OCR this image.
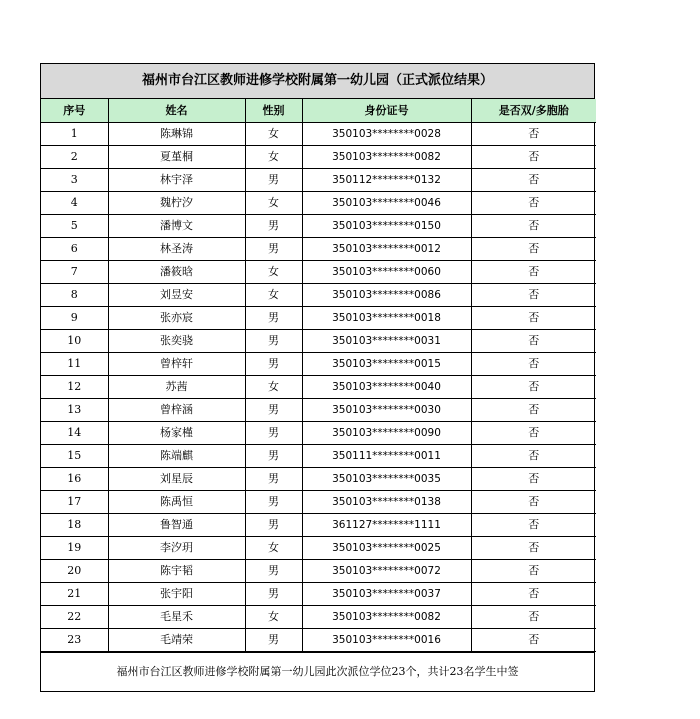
福州市台江区教师进修学校附属第一幼儿园（正式派位结果）
序号	姓名	性别	身份证号	是否双/多胞胎
1	陈琳锦	女	350103********0028	否
2	夏堇桐	女	350103********0082	否
3	林宇泽	男	350112********0132	否
4	魏柠汐	女	350103********0046	否
5	潘博文	男	350103********0150	否
6	林圣涛	男	350103********0012	否
7	潘筱晗	女	350103********0060	否
8	刘昱安	女	350103********0086	否
9	张亦宸	男	350103********0018	否
10	张奕骁	男	350103********0031	否
11	曾梓轩	男	350103********0015	否
12	苏茜	女	350103********0040	否
13	曾梓涵	男	350103********0030	否
14	杨家槿	男	350103********0090	否
15	陈端麒	男	350111********0011	否
16	刘星辰	男	350103********0035	否
17	陈禹恒	男	350103********0138	否
18	鲁智通	男	361127********1111	否
19	李汐玥	女	350103********0025	否
20	陈宇韬	男	350103********0072	否
21	张宇阳	男	350103********0037	否
22	毛星禾	女	350103********0082	否
23	毛靖荣	男	350103********0016	否
福州市台江区教师进修学校附属第一幼儿园此次派位学位23个，共计23名学生中签
